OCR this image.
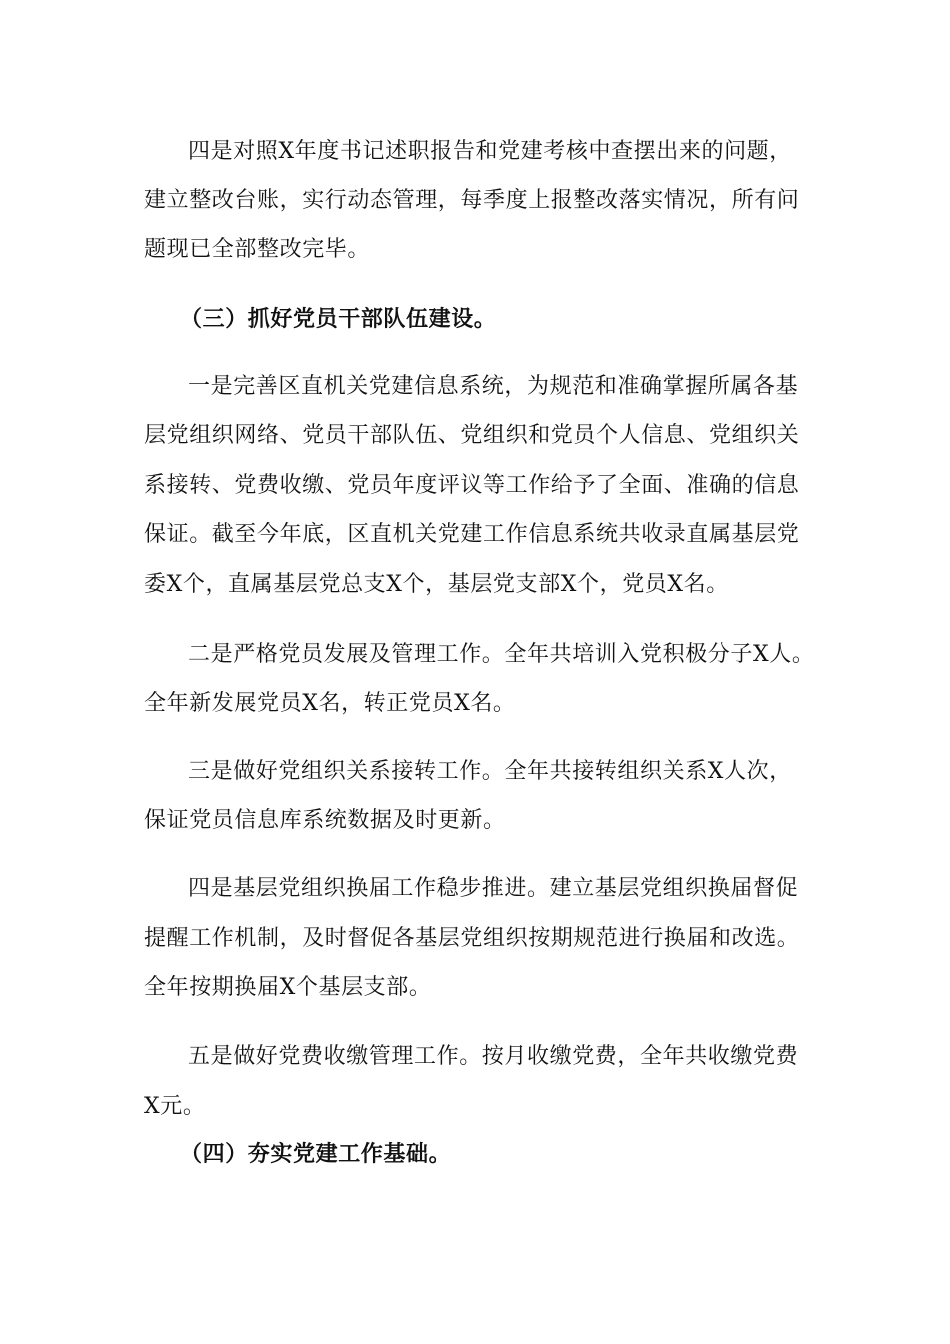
四是对照X年度书记述职报告和党建考核中查摆出来的问题，
建立整改台账，实行动态管理，每季度上报整改落实情况，所有问
题现已全部整改完毕。
（三）抓好党员干部队伍建设。
一是完善区直机关党建信息系统，为规范和准确掌握所属各基
层党组织网络、党员干部队伍、党组织和党员个人信息、党组织关
系接转、党费收缴、党员年度评议等工作给予了全面、准确的信息
保证。截至今年底，区直机关党建工作信息系统共收录直属基层党
委X个，直属基层党总支X个，基层党支部X个，党员X名。
二是严格党员发展及管理工作。全年共培训入党积极分子X人。
全年新发展党员X名，转正党员X名。
三是做好党组织关系接转工作。全年共接转组织关系X人次，
保证党员信息库系统数据及时更新。
四是基层党组织换届工作稳步推进。建立基层党组织换届督促
提醒工作机制，及时督促各基层党组织按期规范进行换届和改选。
全年按期换届X个基层支部。
五是做好党费收缴管理工作。按月收缴党费，全年共收缴党费
X元。
（四）夯实党建工作基础。
